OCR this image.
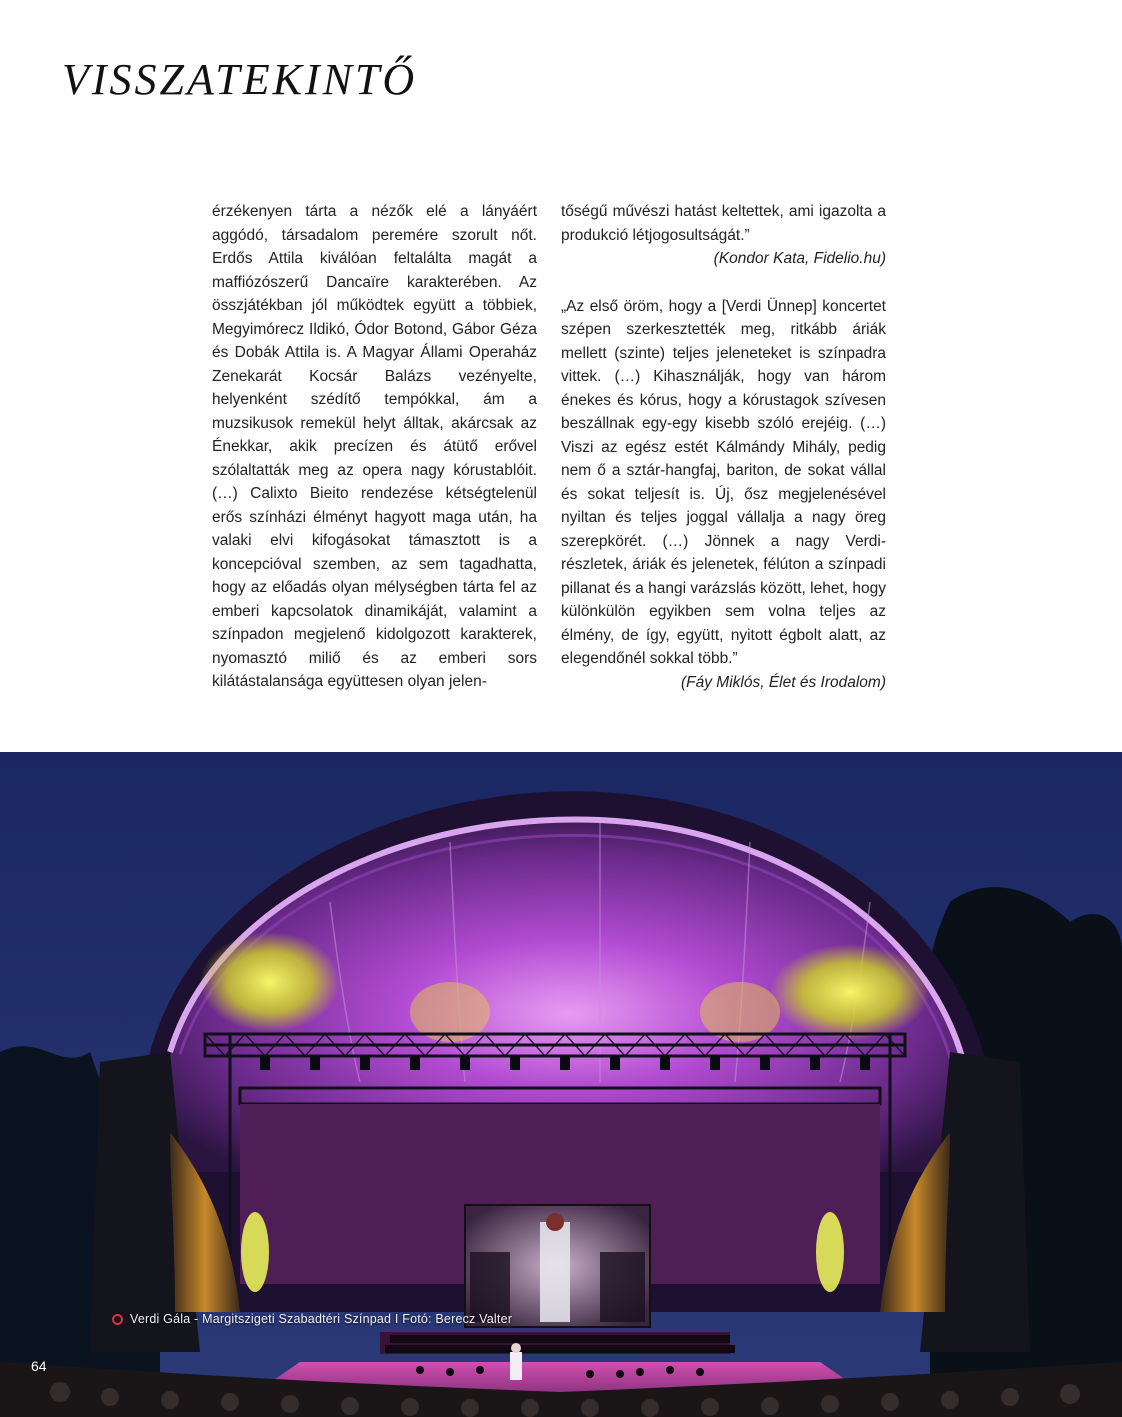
VISSZATEKINTŐ

érzékenyen tárta a nézők elé a lányáért aggódó, társadalom peremére szorult nőt. Erdős Attila kiválóan feltalálta magát a maffiózószerű Dancaïre karakterében. Az összjátékban jól működtek együtt a többiek, Megyimórecz Ildikó, Ódor Botond, Gábor Géza és Dobák Attila is. A Magyar Állami Operaház Zenekarát Kocsár Balázs vezényelte, helyenként szédítő tempókkal, ám a muzsikusok remekül helyt álltak, akárcsak az Énekkar, akik precízen és átütő erővel szólaltatták meg az opera nagy kórustablóit. (…) Calixto Bieito rendezése kétségtelenül erős színházi élményt hagyott maga után, ha valaki elvi kifogásokat támasztott is a koncepcióval szemben, az sem tagadhatta, hogy az előadás olyan mélységben tárta fel az emberi kapcsolatok dinamikáját, valamint a színpadon megjelenő kidolgozott karakterek, nyomasztó miliő és az emberi sors kilátástalansága együttesen olyan jelen-

tőségű művészi hatást keltettek, ami igazolta a produkció létjogosultságát.”

(Kondor Kata, Fidelio.hu)

„Az első öröm, hogy a [Verdi Ünnep] koncertet szépen szerkesztették meg, ritkább áriák mellett (szinte) teljes jeleneteket is színpadra vittek. (…) Kihasználják, hogy van három énekes és kórus, hogy a kórustagok szívesen beszállnak egy-egy kisebb szóló erejéig. (…) Viszi az egész estét Kálmándy Mihály, pedig nem ő a sztár-hangfaj, bariton, de sokat vállal és sokat teljesít is. Új, ősz megjelenésével nyiltan és teljes joggal vállalja a nagy öreg szerepkörét. (…) Jönnek a nagy Verdi-részletek, áriák és jelenetek, félúton a színpadi pillanat és a hangi varázslás között, lehet, hogy különkülön egyikben sem volna teljes az élmény, de így, együtt, nyitott égbolt alatt, az elegendőnél sokkal több.”

(Fáy Miklós, Élet és Irodalom)

Verdi Gála - Margitszigeti Szabadtéri Színpad I Fotó: Berecz Valter
64
